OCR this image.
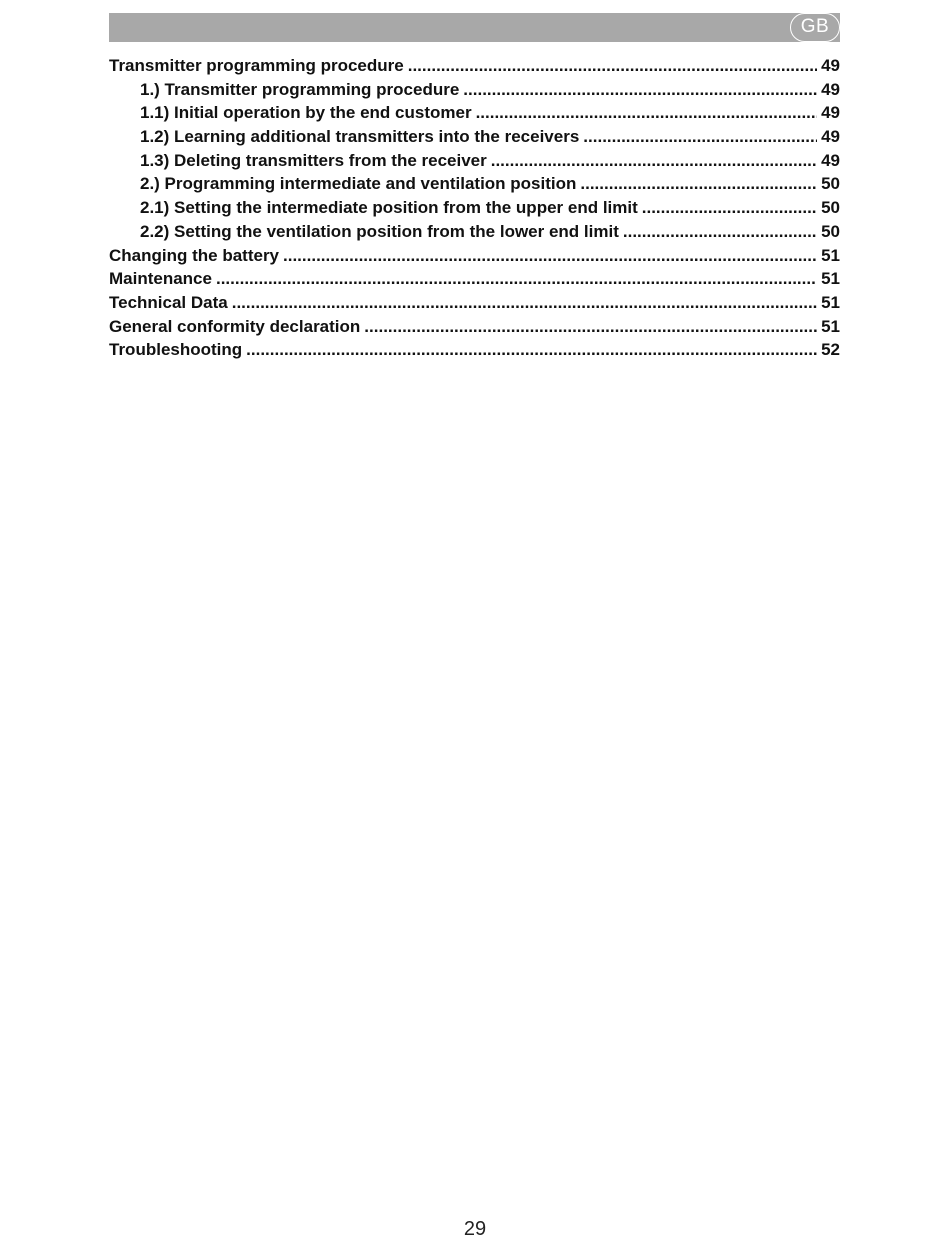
GB
Transmitter programming procedure .....	49
1.) Transmitter programming procedure .....	49
1.1) Initial operation by the end customer .....	49
1.2) Learning additional transmitters into the receivers .....	49
1.3) Deleting transmitters from the receiver .....	49
2.) Programming intermediate and ventilation position .....	50
2.1) Setting the intermediate position from the upper end limit .....	50
2.2) Setting the ventilation position from the lower end limit .....	50
Changing the battery .....	51
Maintenance .....	51
Technical Data .....	51
General conformity declaration .....	51
Troubleshooting .....	52
29
